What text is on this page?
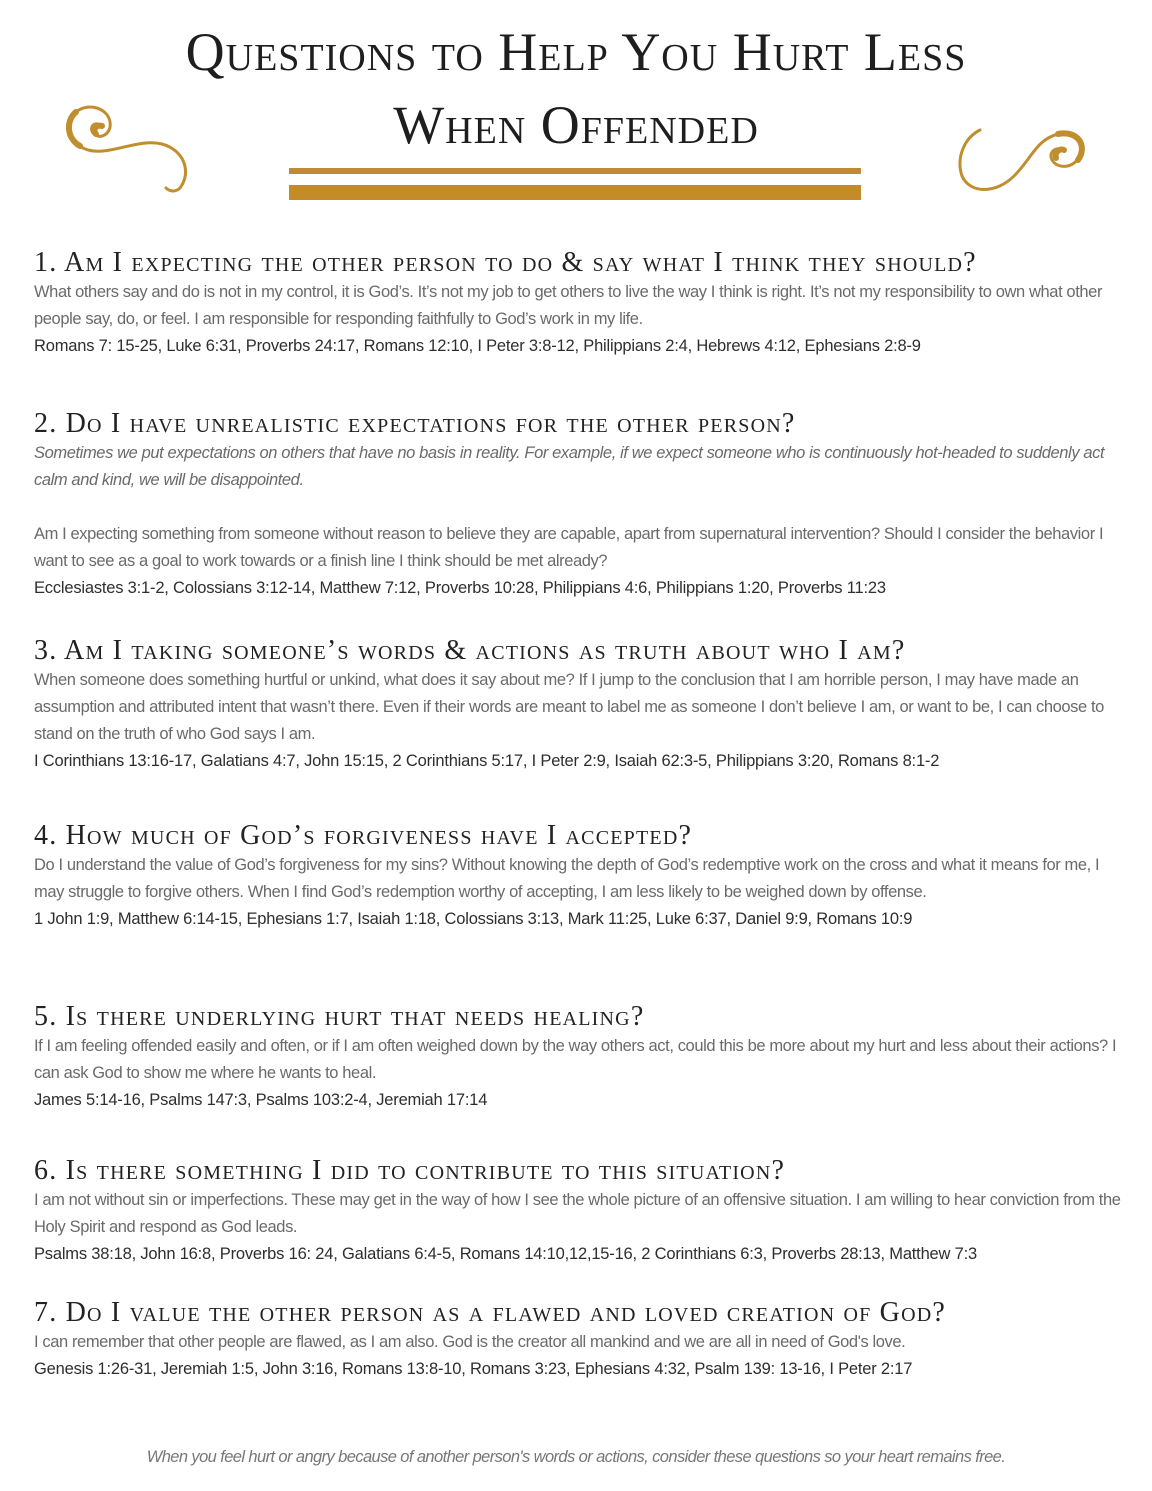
Questions to Help You Hurt Less
When Offended
1. Am I expecting the other person to do & say what I think they should?

What others say and do is not in my control, it is God’s. It’s not my job to get others to live the way I think is right. It’s not my responsibility to own what other people say, do, or feel. I am responsible for responding faithfully to God’s work in my life.

Romans 7: 15-25, Luke 6:31, Proverbs 24:17, Romans 12:10, I Peter 3:8-12, Philippians 2:4, Hebrews 4:12, Ephesians 2:8-9

2. Do I have unrealistic expectations for the other person?

Sometimes we put expectations on others that have no basis in reality. For example, if we expect someone who is continuously hot-headed to suddenly act calm and kind, we will be disappointed.

Am I expecting something from someone without reason to believe they are capable, apart from supernatural intervention? Should I consider the behavior I want to see as a goal to work towards or a finish line I think should be met already?

Ecclesiastes 3:1-2, Colossians 3:12-14, Matthew 7:12, Proverbs 10:28, Philippians 4:6, Philippians 1:20, Proverbs 11:23

3. Am I taking someone’s words & actions as truth about who I am?

When someone does something hurtful or unkind, what does it say about me? If I jump to the conclusion that I am horrible person, I may have made an assumption and attributed intent that wasn’t there. Even if their words are meant to label me as someone I don’t believe I am, or want to be, I can choose to stand on the truth of who God says I am.

I Corinthians 13:16-17, Galatians 4:7, John 15:15, 2 Corinthians 5:17, I Peter 2:9, Isaiah 62:3-5, Philippians 3:20, Romans 8:1-2

4. How much of God’s forgiveness have I accepted?

Do I understand the value of God’s forgiveness for my sins? Without knowing the depth of God’s redemptive work on the cross and what it means for me, I may struggle to forgive others. When I find God’s redemption worthy of accepting, I am less likely to be weighed down by offense.

1 John 1:9, Matthew 6:14-15, Ephesians 1:7, Isaiah 1:18, Colossians 3:13, Mark 11:25, Luke 6:37, Daniel 9:9, Romans 10:9

5. Is there underlying hurt that needs healing?

If I am feeling offended easily and often, or if I am often weighed down by the way others act, could this be more about my hurt and less about their actions? I can ask God to show me where he wants to heal.

James 5:14-16, Psalms 147:3, Psalms 103:2-4, Jeremiah 17:14

6. Is there something I did to contribute to this situation?

I am not without sin or imperfections. These may get in the way of how I see the whole picture of an offensive situation. I am willing to hear conviction from the Holy Spirit and respond as God leads.

Psalms 38:18, John 16:8, Proverbs 16: 24, Galatians 6:4-5, Romans 14:10,12,15-16, 2 Corinthians 6:3, Proverbs 28:13, Matthew 7:3

7. Do I value the other person as a flawed and loved creation of God?

I can remember that other people are flawed, as I am also. God is the creator all mankind and we are all in need of God's love.

Genesis 1:26-31, Jeremiah 1:5, John 3:16, Romans 13:8-10, Romans 3:23, Ephesians 4:32, Psalm 139: 13-16, I Peter 2:17

When you feel hurt or angry because of another person's words or actions, consider these questions so your heart remains free.
